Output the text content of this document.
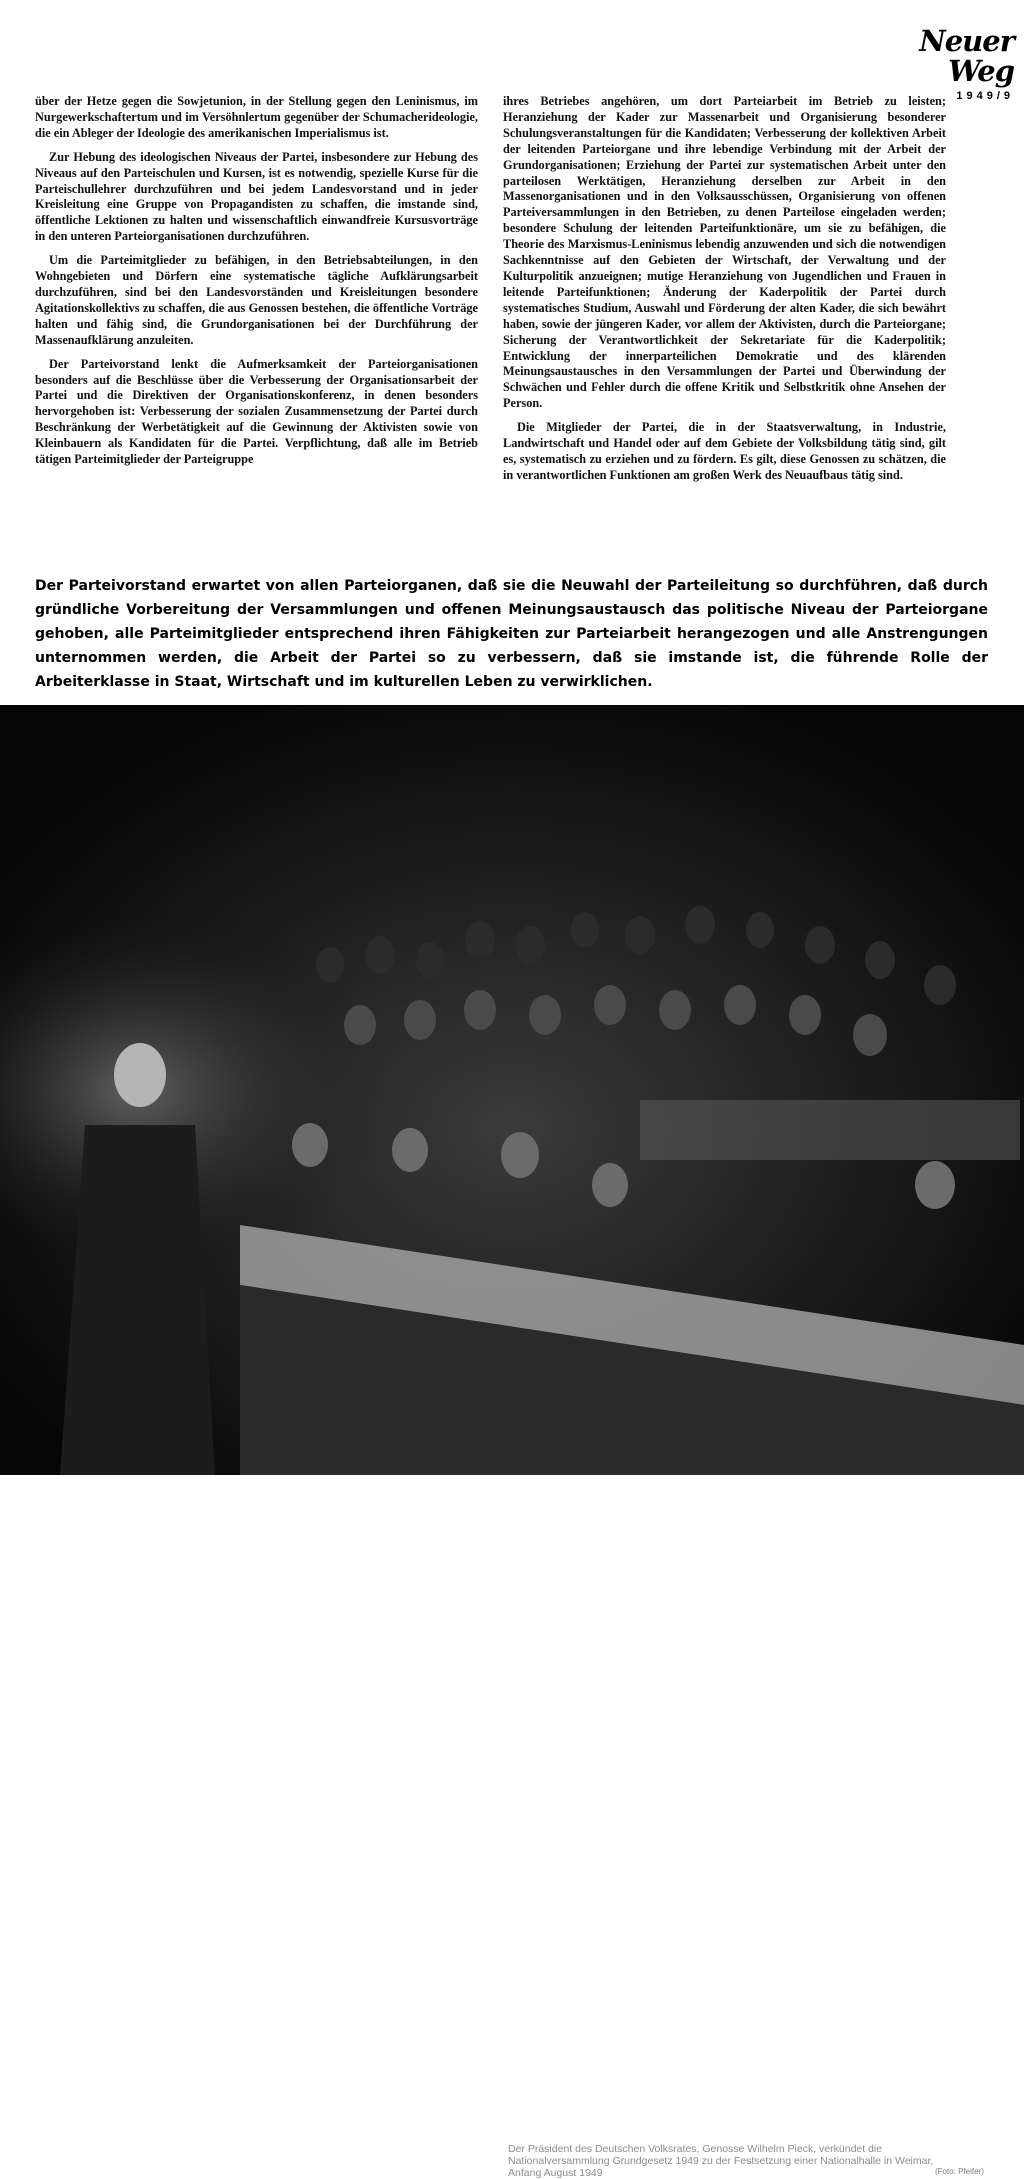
Neuer Weg
1949/9

über der Hetze gegen die Sowjetunion, in der Stellung gegen den Leninismus, im Nurgewerkschaftertum und im Versöhnlertum gegenüber der Schumacherideologie, die ein Ableger der Ideologie des amerikanischen Imperialismus ist.

Zur Hebung des ideologischen Niveaus der Partei, insbesondere zur Hebung des Niveaus auf den Parteischulen und Kursen, ist es notwendig, spezielle Kurse für die Parteischullehrer durchzuführen und bei jedem Landesvorstand und in jeder Kreisleitung eine Gruppe von Propagandisten zu schaffen, die imstande sind, öffentliche Lektionen zu halten und wissenschaftlich einwandfreie Kursusvorträge in den unteren Parteiorganisationen durchzuführen.

Um die Parteimitglieder zu befähigen, in den Betriebsabteilungen, in den Wohngebieten und Dörfern eine systematische tägliche Aufklärungsarbeit durchzuführen, sind bei den Landesvorständen und Kreisleitungen besondere Agitationskollektivs zu schaffen, die aus Genossen bestehen, die öffentliche Vorträge halten und fähig sind, die Grundorganisationen bei der Durchführung der Massenaufklärung anzuleiten.

Der Parteivorstand lenkt die Aufmerksamkeit der Parteiorganisationen besonders auf die Beschlüsse über die Verbesserung der Organisationsarbeit der Partei und die Direktiven der Organisationskonferenz, in denen besonders hervorgehoben ist: Verbesserung der sozialen Zusammensetzung der Partei durch Beschränkung der Werbetätigkeit auf die Gewinnung der Aktivisten sowie von Kleinbauern als Kandidaten für die Partei. Verpflichtung, daß alle im Betrieb tätigen Parteimitglieder der Parteigruppe

ihres Betriebes angehören, um dort Parteiarbeit im Betrieb zu leisten; Heranziehung der Kader zur Massenarbeit und Organisierung besonderer Schulungsveranstaltungen für die Kandidaten; Verbesserung der kollektiven Arbeit der leitenden Parteiorgane und ihre lebendige Verbindung mit der Arbeit der Grundorganisationen; Erziehung der Partei zur systematischen Arbeit unter den parteilosen Werktätigen, Heranziehung derselben zur Arbeit in den Massenorganisationen und in den Volksausschüssen, Organisierung von offenen Parteiversammlungen in den Betrieben, zu denen Parteilose eingeladen werden; besondere Schulung der leitenden Parteifunktionäre, um sie zu befähigen, die Theorie des Marxismus-Leninismus lebendig anzuwenden und sich die notwendigen Sachkenntnisse auf den Gebieten der Wirtschaft, der Verwaltung und der Kulturpolitik anzueignen; mutige Heranziehung von Jugendlichen und Frauen in leitende Parteifunktionen; Änderung der Kaderpolitik der Partei durch systematisches Studium, Auswahl und Förderung der alten Kader, die sich bewährt haben, sowie der jüngeren Kader, vor allem der Aktivisten, durch die Parteiorgane; Sicherung der Verantwortlichkeit der Sekretariate für die Kaderpolitik; Entwicklung der innerparteilichen Demokratie und des klärenden Meinungsaustausches in den Versammlungen der Partei und Überwindung der Schwächen und Fehler durch die offene Kritik und Selbstkritik ohne Ansehen der Person.

Die Mitglieder der Partei, die in der Staatsverwaltung, in Industrie, Landwirtschaft und Handel oder auf dem Gebiete der Volksbildung tätig sind, gilt es, systematisch zu erziehen und zu fördern. Es gilt, diese Genossen zu schätzen, die in verantwortlichen Funktionen am großen Werk des Neuaufbaus tätig sind.

Der Parteivorstand erwartet von allen Parteiorganen, daß sie die Neuwahl der Parteileitung so durchführen, daß durch gründliche Vorbereitung der Versammlungen und offenen Meinungsaustausch das politische Niveau der Parteiorgane gehoben, alle Parteimitglieder entsprechend ihren Fähigkeiten zur Parteiarbeit herangezogen und alle Anstrengungen unternommen werden, die Arbeit der Partei so zu verbessern, daß sie imstande ist, die führende Rolle der Arbeiterklasse in Staat, Wirtschaft und im kulturellen Leben zu verwirklichen.
Der Präsident des Deutschen Volksrates, Genosse Wilhelm Pieck, verkündet die Nationalversammlung Grundgesetz 1949 zu der Festsetzung einer Nationalhalle in Weimar, Anfang August 1949	(Foto: Pfeifer)
